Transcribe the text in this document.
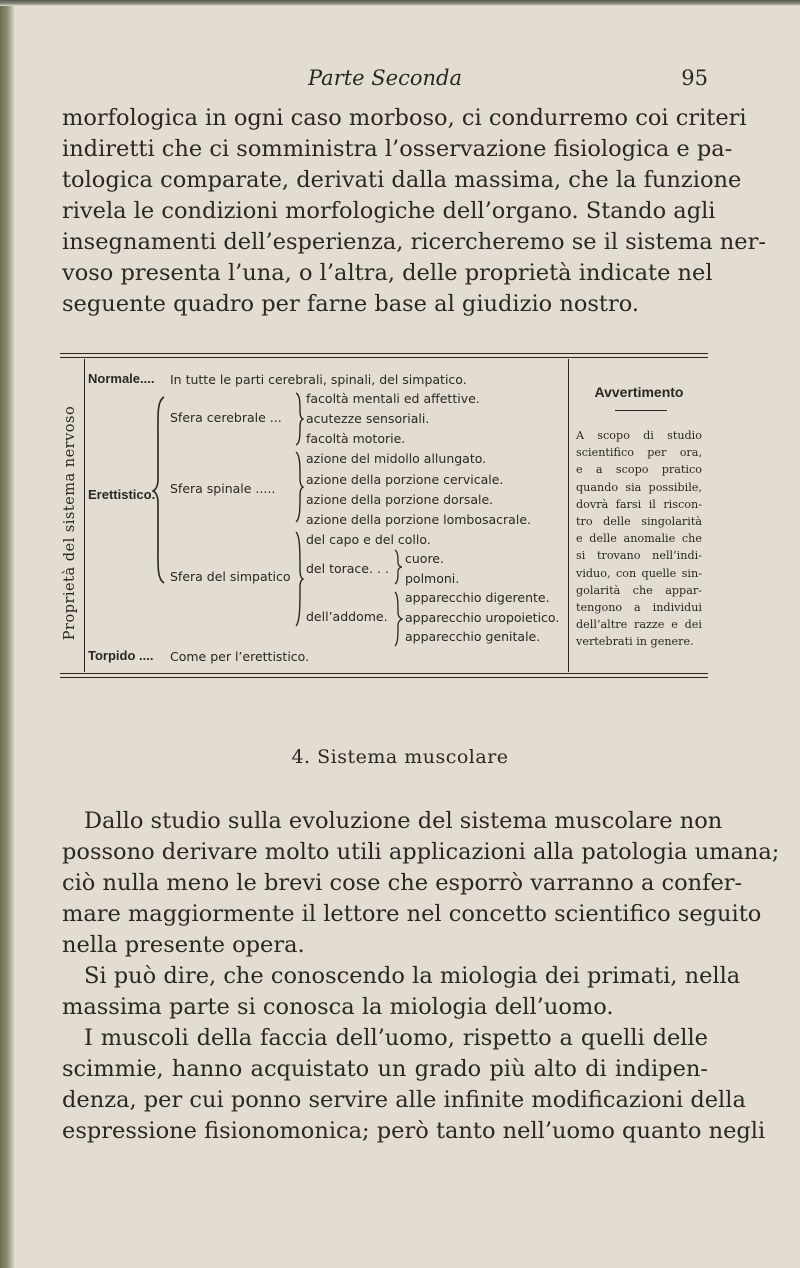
Parte Seconda	95
morfologica in ogni caso morboso, ci condurremo coi criteri
indiretti che ci somministra l’osservazione fisiologica e pa-
tologica comparate, derivati dalla massima, che la funzione
rivela le condizioni morfologiche dell’organo. Stando agli
insegnamenti dell’esperienza, ricercheremo se il sistema ner-
voso presenta l’una, o l’altra, delle proprietà indicate nel
seguente quadro per farne base al giudizio nostro.
Proprietà del sistema nervoso
Normale.... In tutte le parti cerebrali, spinali, del simpatico.
Erettistico.
Sfera cerebrale ...
facoltà mentali ed affettive.
acutezze sensoriali.
facoltà motorie.
Sfera spinale .....
azione del midollo allungato.
azione della porzione cervicale.
azione della porzione dorsale.
azione della porzione lombosacrale.
Sfera del simpatico
del capo e del collo.
del torace. . .
cuore.
polmoni.
dell’addome.
apparecchio digerente.
apparecchio uropoietico.
apparecchio genitale.
Torpido .... Come per l’erettistico.
Avvertimento
A scopo di studio
scientifico per ora,
e a scopo pratico
quando sia possibile,
dovrà farsi il riscon-
tro delle singolarità
e delle anomalie che
si trovano nell’indi-
viduo, con quelle sin-
golarità che appar-
tengono a individui
dell’altre razze e dei
vertebrati in genere.
4. Sistema muscolare
Dallo studio sulla evoluzione del sistema muscolare non
possono derivare molto utili applicazioni alla patologia umana;
ciò nulla meno le brevi cose che esporrò varranno a confer-
mare maggiormente il lettore nel concetto scientifico seguito
nella presente opera.
Si può dire, che conoscendo la miologia dei primati, nella
massima parte si conosca la miologia dell’uomo.
I muscoli della faccia dell’uomo, rispetto a quelli delle
scimmie, hanno acquistato un grado più alto di indipen-
denza, per cui ponno servire alle infinite modificazioni della
espressione fisionomonica; però tanto nell’uomo quanto negli
